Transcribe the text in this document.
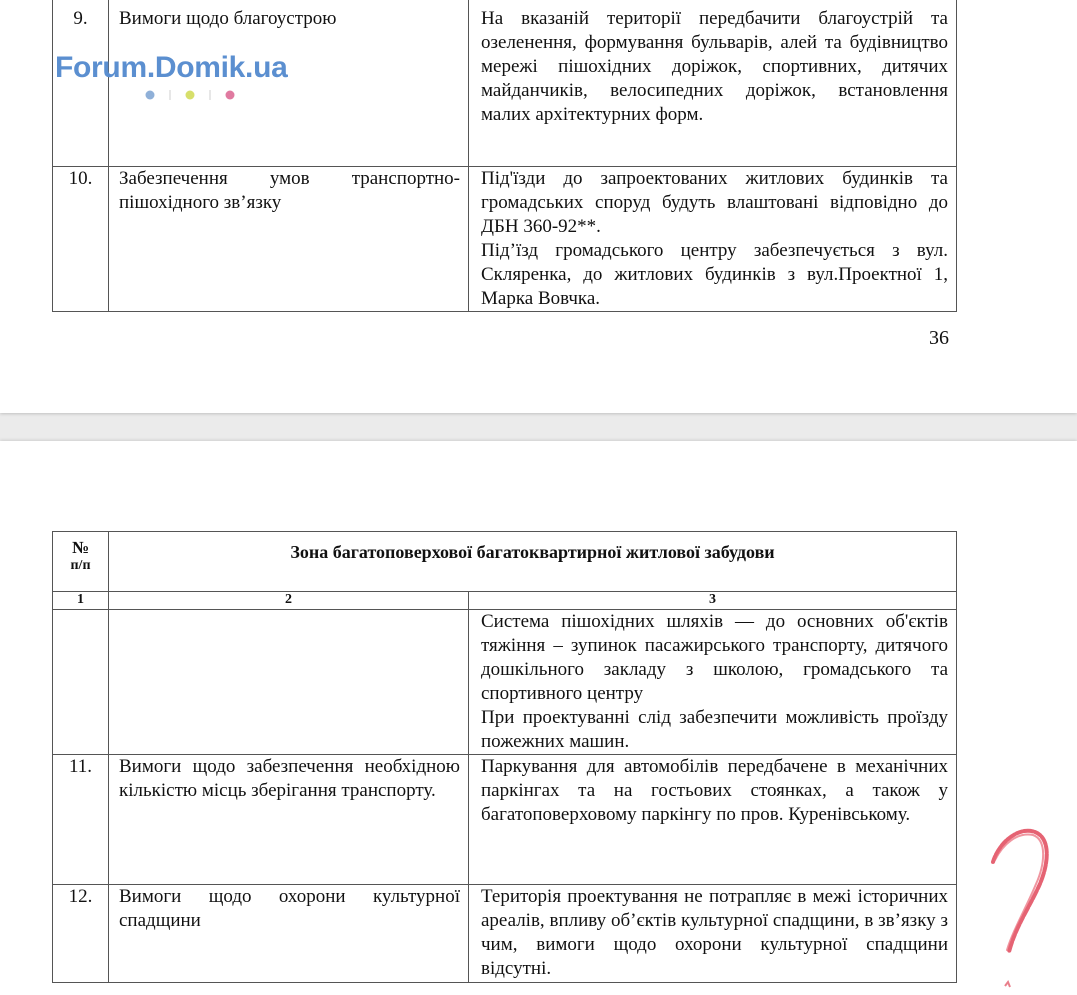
9.	Вимоги щодо благоустрою	На вказаній території передбачити благоустрій та озеленення, формування бульварів, алей та будівництво мережі пішохідних доріжок, спортивних, дитячих майданчиків, велосипедних доріжок, встановлення малих архітектурних форм.

10.	Забезпечення умов транспортно-пішохідного зв’язку	Під'їзди до запроектованих житлових будинків та громадських споруд будуть влаштовані відповідно до ДБН 360-92**.
Під’їзд громадського центру забезпечується з вул. Скляренка, до житлових будинків з вул.Проектної 1, Марка Вовчка.
Forum.Domik.ua
36
№
п/п	Зона багатоповерхової багатоквартирної житлової забудови	
1	2	3

		Система пішохідних шляхів — до основних об'єктів тяжіння – зупинок пасажирського транспорту, дитячого дошкільного закладу з школою, громадського та спортивного центру
При проектуванні слід забезпечити можливість проїзду пожежних машин.

11.	Вимоги щодо забезпечення необхідною кількістю місць зберігання транспорту.	Паркування для автомобілів передбачене в механічних паркінгах та на гостьових стоянках, а також у багатоповерховому паркінгу по пров. Куренівському.

12.	Вимоги щодо охорони культурної спадщини	Територія проектування не потрапляє в межі історичних ареалів, впливу об’єктів культурної спадщини, в зв’язку з чим, вимоги щодо охорони культурної спадщини відсутні.
